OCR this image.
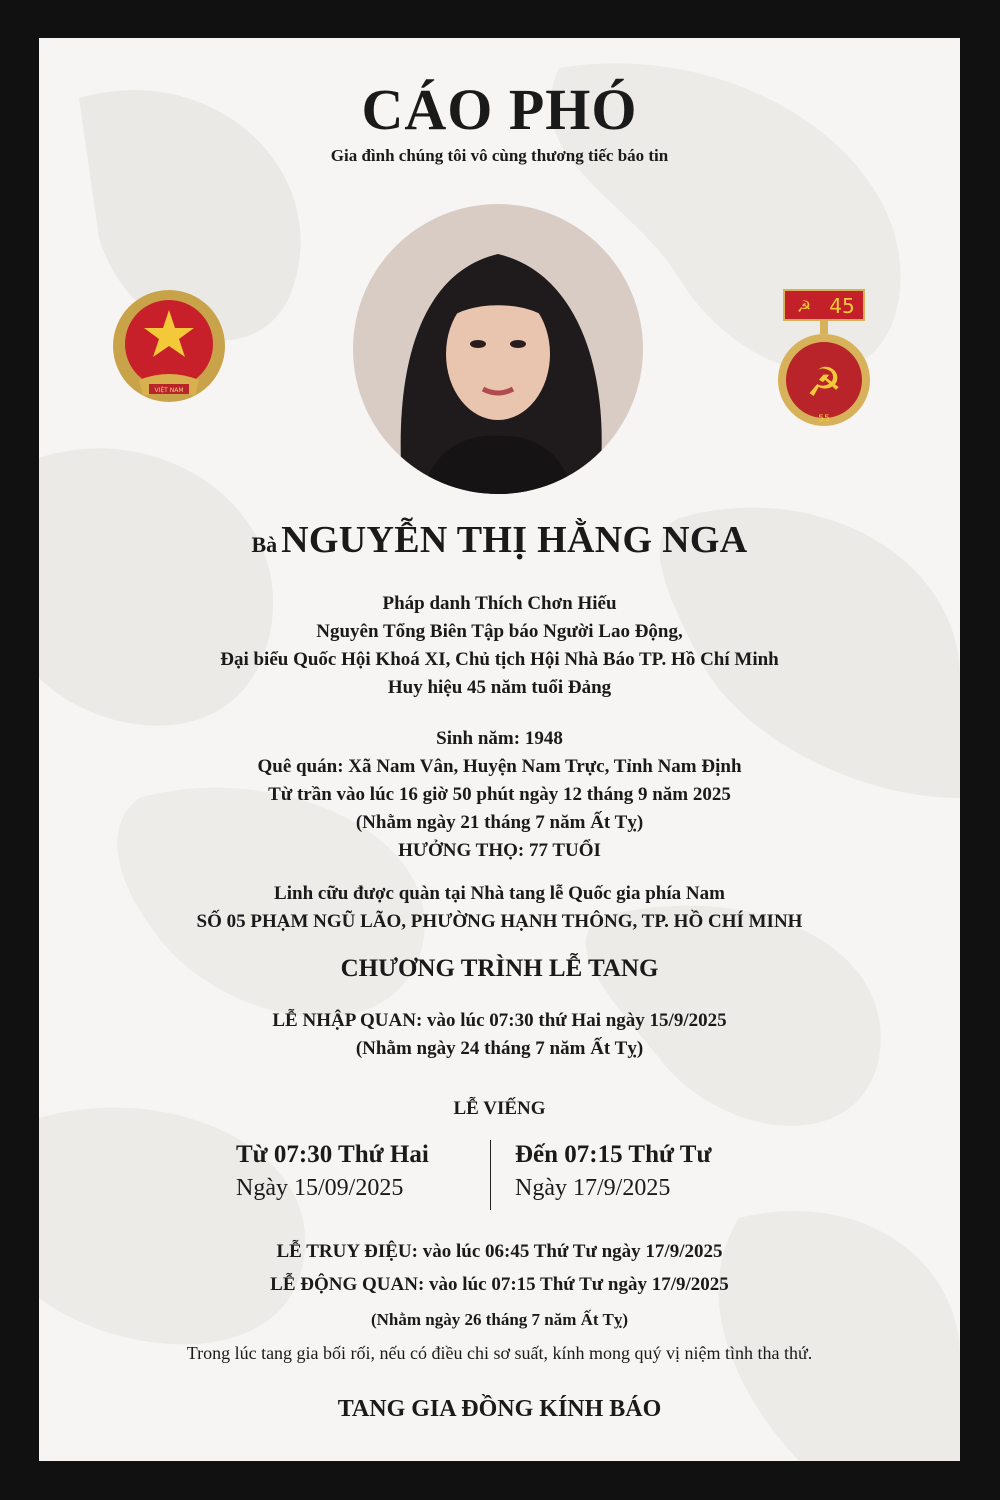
CÁO PHÓ
Gia đình chúng tôi vô cùng thương tiếc báo tin
VIỆT NAM
☭ 45
☭
55
Bà NGUYỄN THỊ HẰNG NGA
Pháp danh Thích Chơn Hiếu
Nguyên Tổng Biên Tập báo Người Lao Động,
Đại biểu Quốc Hội Khoá XI, Chủ tịch Hội Nhà Báo TP. Hồ Chí Minh
Huy hiệu 45 năm tuổi Đảng
Sinh năm: 1948
Quê quán: Xã Nam Vân, Huyện Nam Trực, Tỉnh Nam Định
Từ trần vào lúc 16 giờ 50 phút ngày 12 tháng 9 năm 2025
(Nhằm ngày 21 tháng 7 năm Ất Tỵ)
HƯỞNG THỌ: 77 TUỔI
Linh cữu được quàn tại Nhà tang lễ Quốc gia phía Nam
SỐ 05 PHẠM NGŨ LÃO, PHƯỜNG HẠNH THÔNG, TP. HỒ CHÍ MINH
CHƯƠNG TRÌNH LỄ TANG
LỄ NHẬP QUAN: vào lúc 07:30 thứ Hai ngày 15/9/2025
(Nhằm ngày 24 tháng 7 năm Ất Tỵ)
LỄ VIẾNG
Từ 07:30 Thứ Hai
Ngày 15/09/2025
Đến 07:15 Thứ Tư
Ngày 17/9/2025
LỄ TRUY ĐIỆU: vào lúc 06:45 Thứ Tư ngày 17/9/2025
LỄ ĐỘNG QUAN: vào lúc 07:15 Thứ Tư ngày 17/9/2025
(Nhằm ngày 26 tháng 7 năm Ất Tỵ)
Trong lúc tang gia bối rối, nếu có điều chi sơ suất, kính mong quý vị niệm tình tha thứ.
TANG GIA ĐỒNG KÍNH BÁO
